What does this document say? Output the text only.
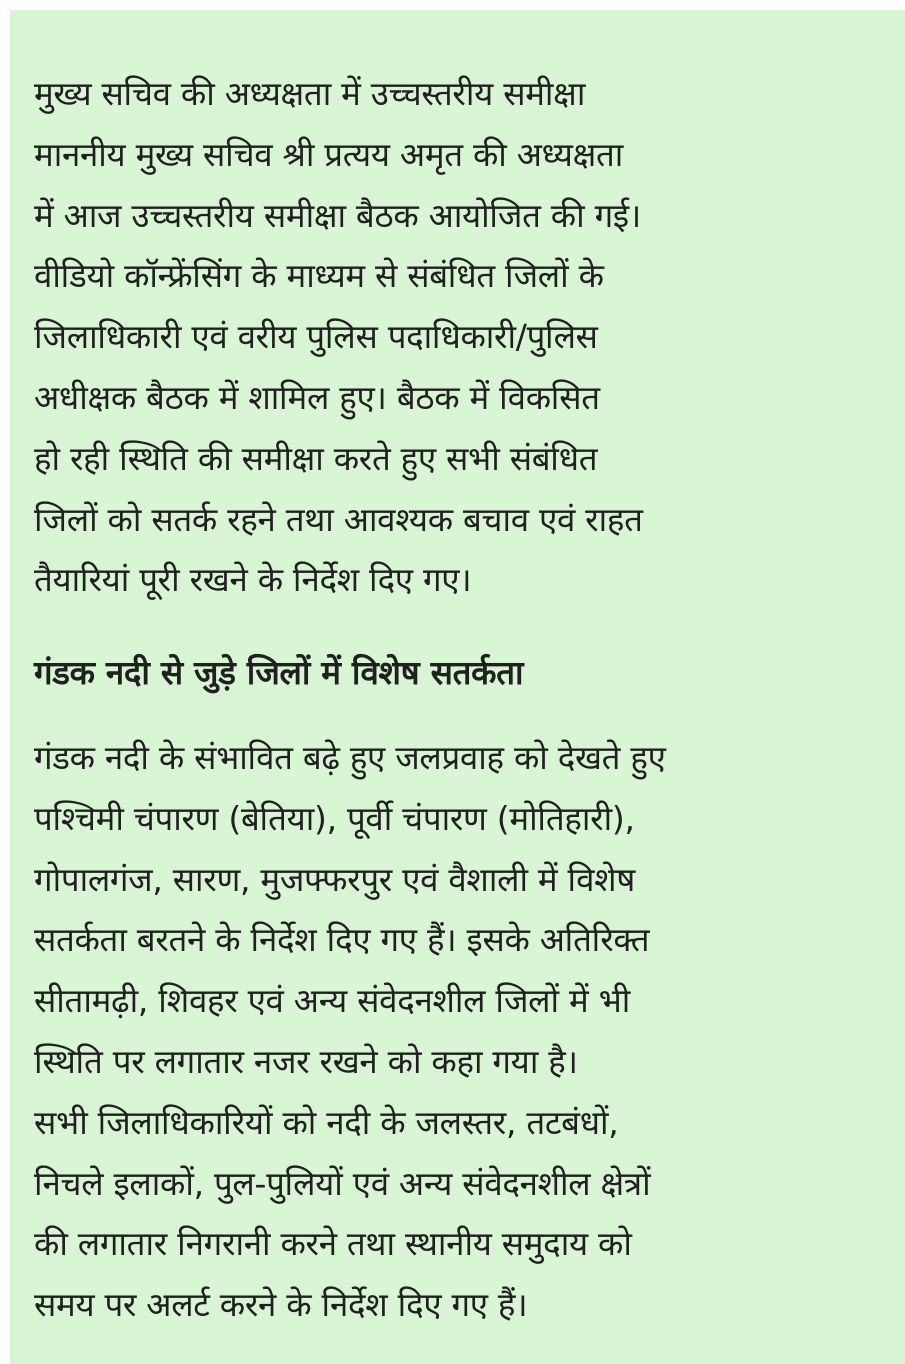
मुख्य सचिव की अध्यक्षता में उच्चस्तरीय समीक्षा
माननीय मुख्य सचिव श्री प्रत्यय अमृत की अध्यक्षता
में आज उच्चस्तरीय समीक्षा बैठक आयोजित की गई।
वीडियो कॉन्फ्रेंसिंग के माध्यम से संबंधित जिलों के
जिलाधिकारी एवं वरीय पुलिस पदाधिकारी/पुलिस
अधीक्षक बैठक में शामिल हुए। बैठक में विकसित
हो रही स्थिति की समीक्षा करते हुए सभी संबंधित
जिलों को सतर्क रहने तथा आवश्यक बचाव एवं राहत
तैयारियां पूरी रखने के निर्देश दिए गए।
गंडक नदी से जुड़े जिलों में विशेष सतर्कता
गंडक नदी के संभावित बढ़े हुए जलप्रवाह को देखते हुए
पश्चिमी चंपारण (बेतिया), पूर्वी चंपारण (मोतिहारी),
गोपालगंज, सारण, मुजफ्फरपुर एवं वैशाली में विशेष
सतर्कता बरतने के निर्देश दिए गए हैं। इसके अतिरिक्त
सीतामढ़ी, शिवहर एवं अन्य संवेदनशील जिलों में भी
स्थिति पर लगातार नजर रखने को कहा गया है।
सभी जिलाधिकारियों को नदी के जलस्तर, तटबंधों,
निचले इलाकों, पुल-पुलियों एवं अन्य संवेदनशील क्षेत्रों
की लगातार निगरानी करने तथा स्थानीय समुदाय को
समय पर अलर्ट करने के निर्देश दिए गए हैं।
